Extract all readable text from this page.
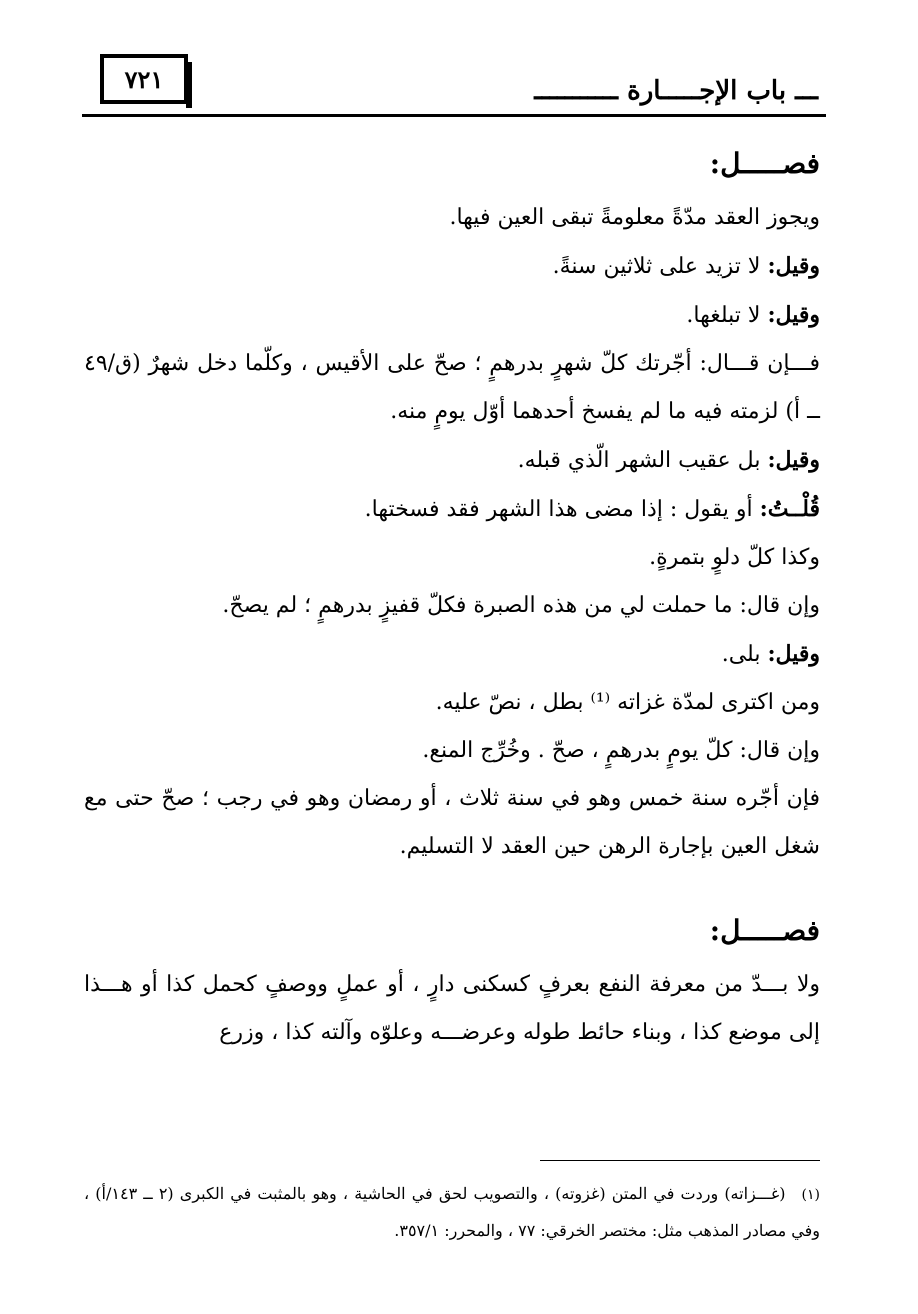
٧٢١	ـــ باب الإجـــــارة ـــــــــــ

فصـــــل:

ويجوز العقد مدّةً معلومةً تبقى العين فيها.

وقيل: لا تزيد على ثلاثين سنةً.

وقيل: لا تبلغها.

فـــإن قـــال: أجّرتك كلّ شهرٍ بدرهمٍ ؛ صحّ على الأقيس ، وكلّما دخل شهرٌ (ق/٤٩ ــ أ) لزمته فيه ما لم يفسخ أحدهما أوّل يومٍ منه.

وقيل: بل عقيب الشهر الّذي قبله.

قُلْــتُ: أو يقول : إذا مضى هذا الشهر فقد فسختها.

وكذا كلّ دلوٍ بتمرةٍ.

وإن قال: ما حملت لي من هذه الصبرة فكلّ قفيزٍ بدرهمٍ ؛ لم يصحّ.

وقيل: بلى.

ومن اكترى لمدّة غزاته ⁽¹⁾ بطل ، نصّ عليه.

وإن قال: كلّ يومٍ بدرهمٍ ، صحّ . وخُرِّج المنع.

فإن أجّره سنة خمس وهو في سنة ثلاث ، أو رمضان وهو في رجب ؛ صحّ حتى مع شغل العين بإجارة الرهن حين العقد لا التسليم.

فصـــــل:

ولا بـــدّ من معرفة النفع بعرفٍ كسكنى دارٍ ، أو عملٍ ووصفٍ كحمل كذا أو هـــذا إلى موضع كذا ، وبناء حائط طوله وعرضـــه وعلوّه وآلته كذا ، وزرع

(١)(غـــزاته) وردت في المتن (غزوته) ، والتصويب لحق في الحاشية ، وهو بالمثبت في الكبرى (٢ ــ ١٤٣/أ) ، وفي مصادر المذهب مثل: مختصر الخرقي: ٧٧ ، والمحرر: ٣٥٧/١.
